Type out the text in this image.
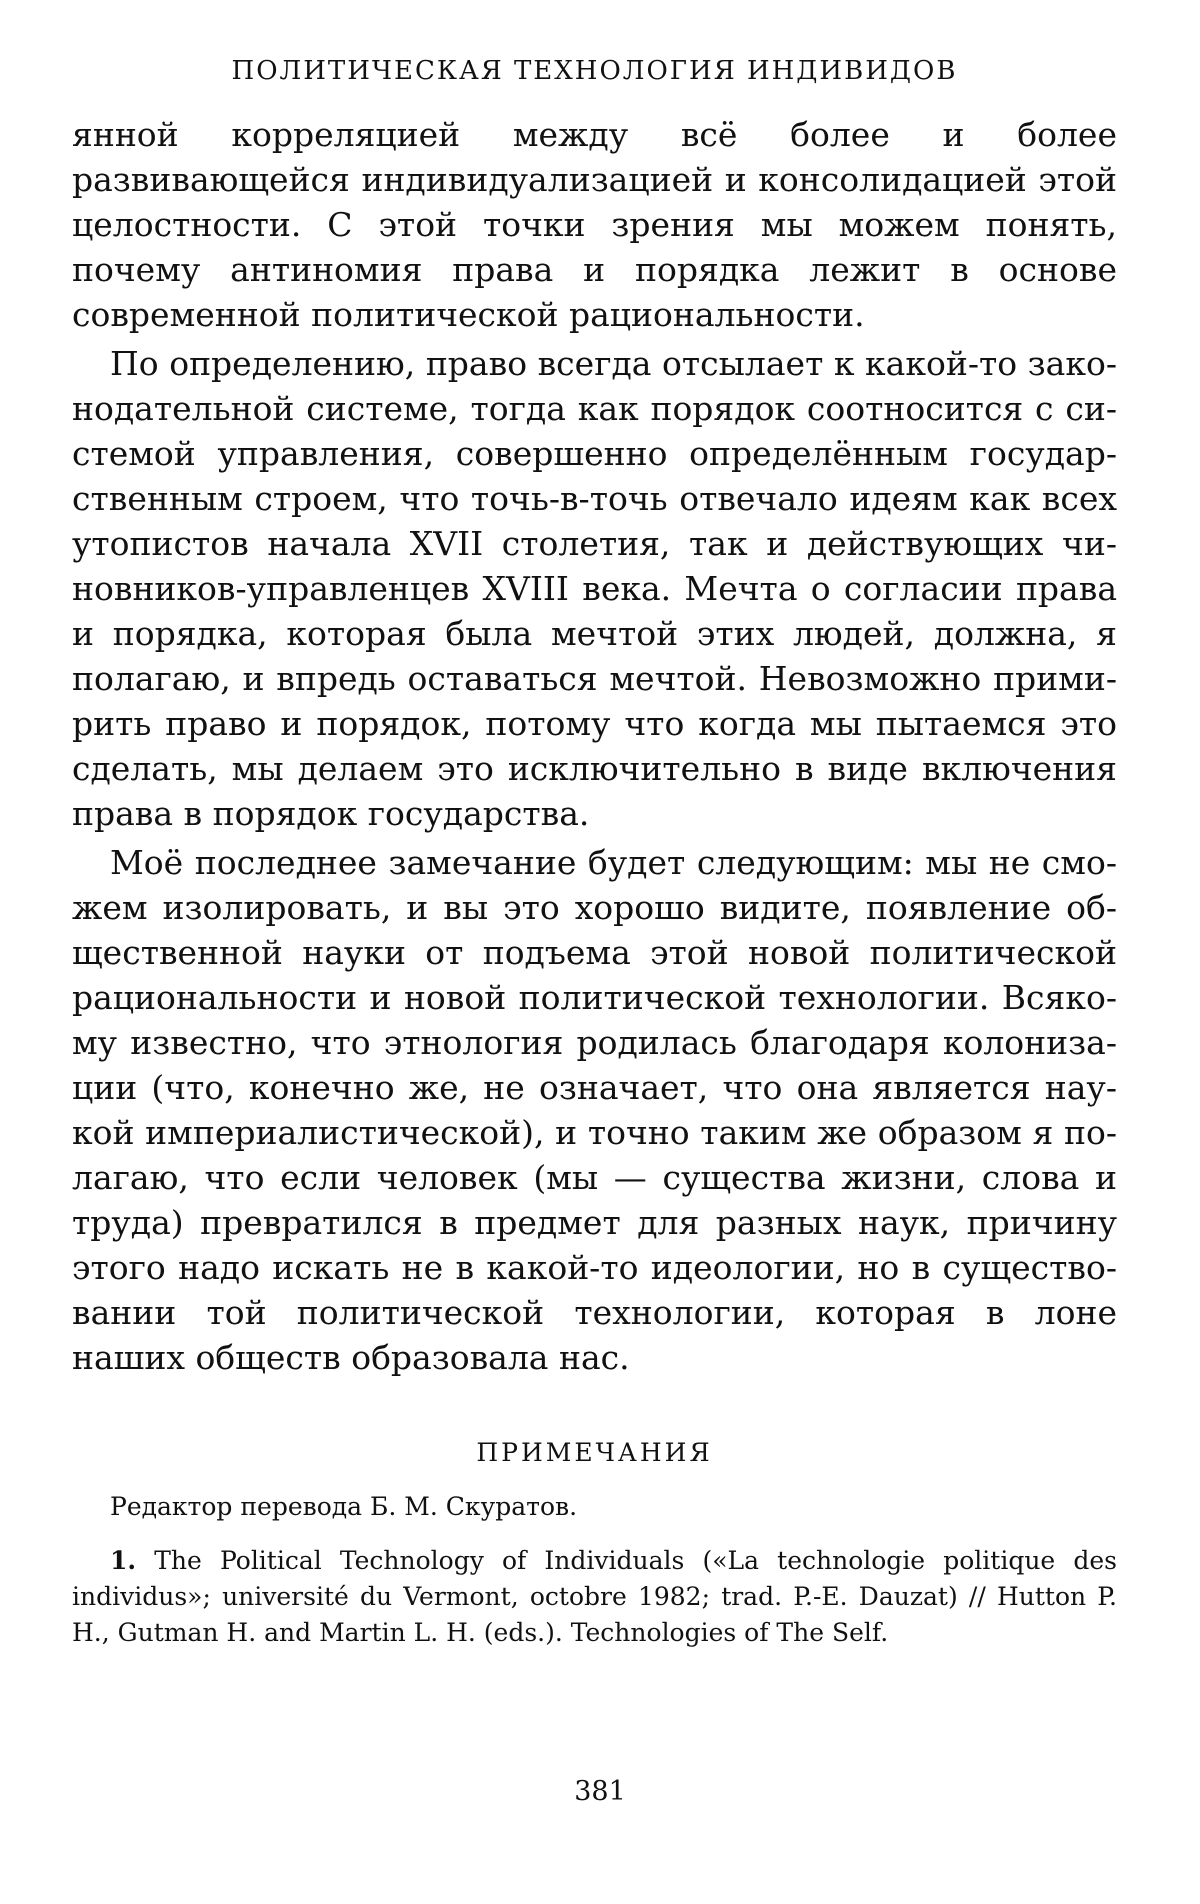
ПОЛИТИЧЕСКАЯ ТЕХНОЛОГИЯ ИНДИВИДОВ

янной корреляцией между всё более и более развивающейся индивидуализацией и консолидацией этой целостности. С этой точки зрения мы можем понять, почему антиномия права и порядка лежит в основе современной политической рациональности.

По определению, право всегда отсылает к какой-то законодательной системе, тогда как порядок соотносится с системой управления, совершенно определённым государственным строем, что точь-в-точь отвечало идеям как всех утопистов начала XVII столетия, так и действующих чиновников-управленцев XVIII века. Мечта о согласии права и порядка, которая была мечтой этих людей, должна, я полагаю, и впредь оставаться мечтой. Невозможно примирить право и порядок, потому что когда мы пытаемся это сделать, мы делаем это исключительно в виде включения права в порядок государства.

Моё последнее замечание будет следующим: мы не сможем изолировать, и вы это хорошо видите, появление общественной науки от подъема этой новой политической рациональности и новой политической технологии. Всякому известно, что этнология родилась благодаря колонизации (что, конечно же, не означает, что она является наукой империалистической), и точно таким же образом я полагаю, что если человек (мы — существа жизни, слова и труда) превратился в предмет для разных наук, причину этого надо искать не в какой-то идеологии, но в существовании той политической технологии, которая в лоне наших обществ образовала нас.

ПРИМЕЧАНИЯ

Редактор перевода Б. М. Скуратов.

1. The Political Technology of Individuals («La technologie politique des individus»; université du Vermont, octobre 1982; trad. P.-E. Dauzat) // Hutton P. H., Gutman H. and Martin L. H. (eds.). Technologies of The Self.

381
